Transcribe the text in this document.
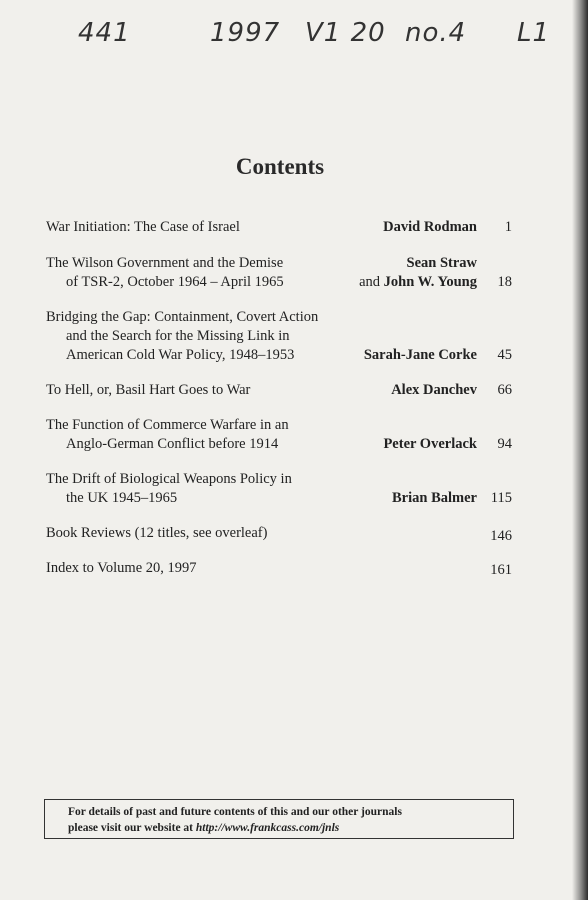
441	1997 V1 20 no.4 L1
Contents
War Initiation: The Case of Israel	David Rodman	1
The Wilson Government and the Demise
of TSR-2, October 1964 – April 1965
Sean Straw
and John W. Young	18
Bridging the Gap: Containment, Covert Action
and the Search for the Missing Link in
American Cold War Policy, 1948–1953	Sarah-Jane Corke	45
To Hell, or, Basil Hart Goes to War	Alex Danchev	66
The Function of Commerce Warfare in an
Anglo-German Conflict before 1914	Peter Overlack	94
The Drift of Biological Weapons Policy in
the UK 1945–1965	Brian Balmer 115
Book Reviews (12 titles, see overleaf)	146
Index to Volume 20, 1997	161
For details of past and future contents of this and our other journals
please visit our website at http://www.frankcass.com/jnls
